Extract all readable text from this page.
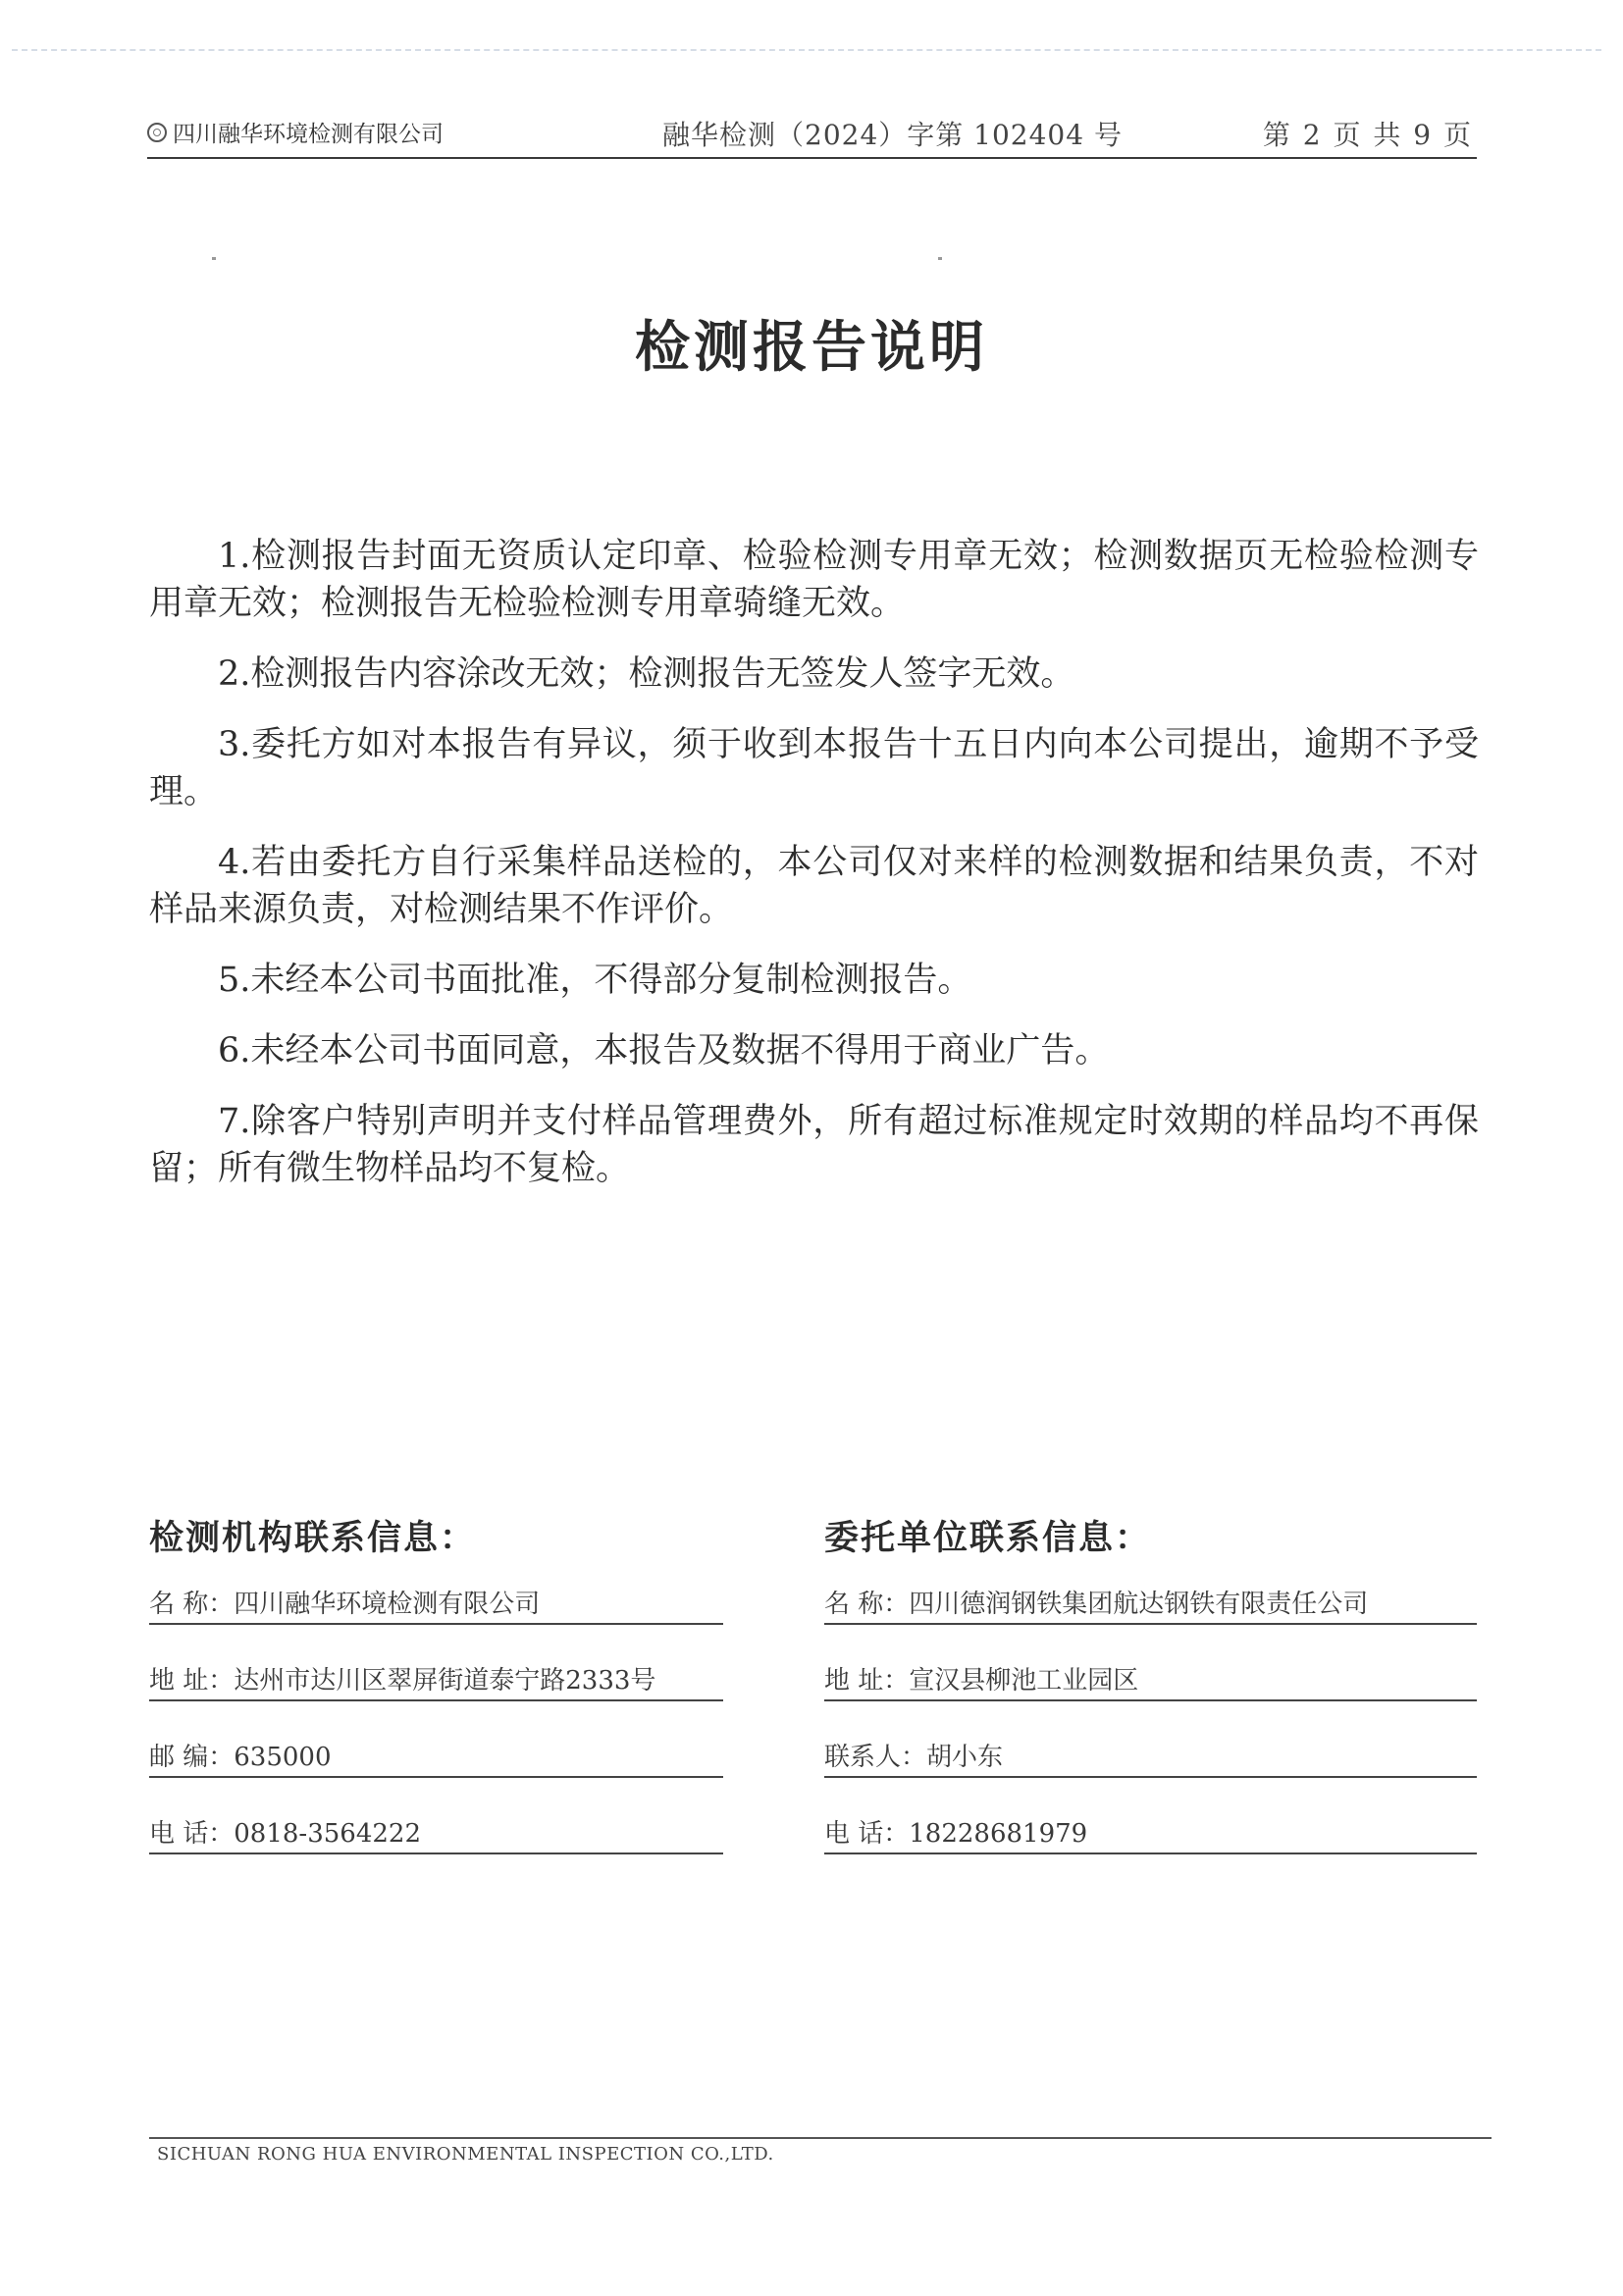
四川融华环境检测有限公司	融华检测（2024）字第 102404 号	第 2 页 共 9 页
检测报告说明

1.检测报告封面无资质认定印章、检验检测专用章无效；检测数据页无检验检测专用章无效；检测报告无检验检测专用章骑缝无效。

2.检测报告内容涂改无效；检测报告无签发人签字无效。

3.委托方如对本报告有异议，须于收到本报告十五日内向本公司提出，逾期不予受理。

4.若由委托方自行采集样品送检的，本公司仅对来样的检测数据和结果负责，不对样品来源负责，对检测结果不作评价。

5.未经本公司书面批准，不得部分复制检测报告。

6.未经本公司书面同意，本报告及数据不得用于商业广告。

7.除客户特别声明并支付样品管理费外，所有超过标准规定时效期的样品均不再保留；所有微生物样品均不复检。

检测机构联系信息：
名 称：四川融华环境检测有限公司
地 址：达州市达川区翠屏街道泰宁路2333号
邮 编：635000
电 话：0818-3564222
委托单位联系信息：
名 称：四川德润钢铁集团航达钢铁有限责任公司
地 址：宣汉县柳池工业园区
联系人：胡小东
电 话：18228681979
SICHUAN RONG HUA ENVIRONMENTAL INSPECTION CO.,LTD.
